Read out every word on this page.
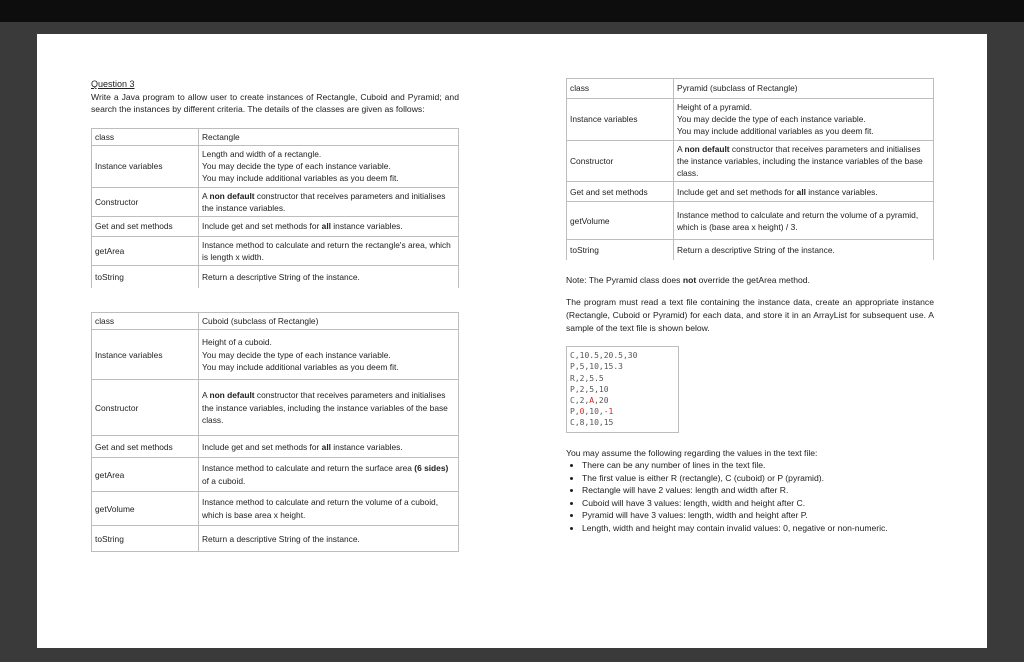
Question 3

Write a Java program to allow user to create instances of Rectangle, Cuboid and Pyramid; and search the instances by different criteria. The details of the classes are given as follows:

class	Rectangle
Instance variables	Length and width of a rectangle.
You may decide the type of each instance variable.
You may include additional variables as you deem fit.

Constructor	A non default constructor that receives parameters and initialises the instance variables.
Get and set methods	Include get and set methods for all instance variables.
getArea	Instance method to calculate and return the rectangle's area, which is length x width.
toString	Return a descriptive String of the instance.
class	Cuboid (subclass of Rectangle)
Instance variables	Height of a cuboid.
You may decide the type of each instance variable.
You may include additional variables as you deem fit.

Constructor	A non default constructor that receives parameters and initialises the instance variables, including the instance variables of the base class.
Get and set methods	Include get and set methods for all instance variables.
getArea	Instance method to calculate and return the surface area (6 sides) of a cuboid.
getVolume	Instance method to calculate and return the volume of a cuboid, which is base area x height.
toString	Return a descriptive String of the instance.
class	Pyramid (subclass of Rectangle)
Instance variables	Height of a pyramid.
You may decide the type of each instance variable.
You may include additional variables as you deem fit.

Constructor	A non default constructor that receives parameters and initialises the instance variables, including the instance variables of the base class.
Get and set methods	Include get and set methods for all instance variables.
getVolume	Instance method to calculate and return the volume of a pyramid, which is (base area x height) / 3.
toString	Return a descriptive String of the instance.

Note: The Pyramid class does not override the getArea method.

The program must read a text file containing the instance data, create an appropriate instance (Rectangle, Cuboid or Pyramid) for each data, and store it in an ArrayList for subsequent use. A sample of the text file is shown below.

C,10.5,20.5,30
P,5,10,15.3
R,2,5.5
P,2,5,10
C,2,A,20
P,0,10,-1
C,8,10,15

You may assume the following regarding the values in the text file:

• There can be any number of lines in the text file.
• The first value is either R (rectangle), C (cuboid) or P (pyramid).
• Rectangle will have 2 values: length and width after R.
• Cuboid will have 3 values: length, width and height after C.
• Pyramid will have 3 values: length, width and height after P.
• Length, width and height may contain invalid values: 0, negative or non-numeric.
